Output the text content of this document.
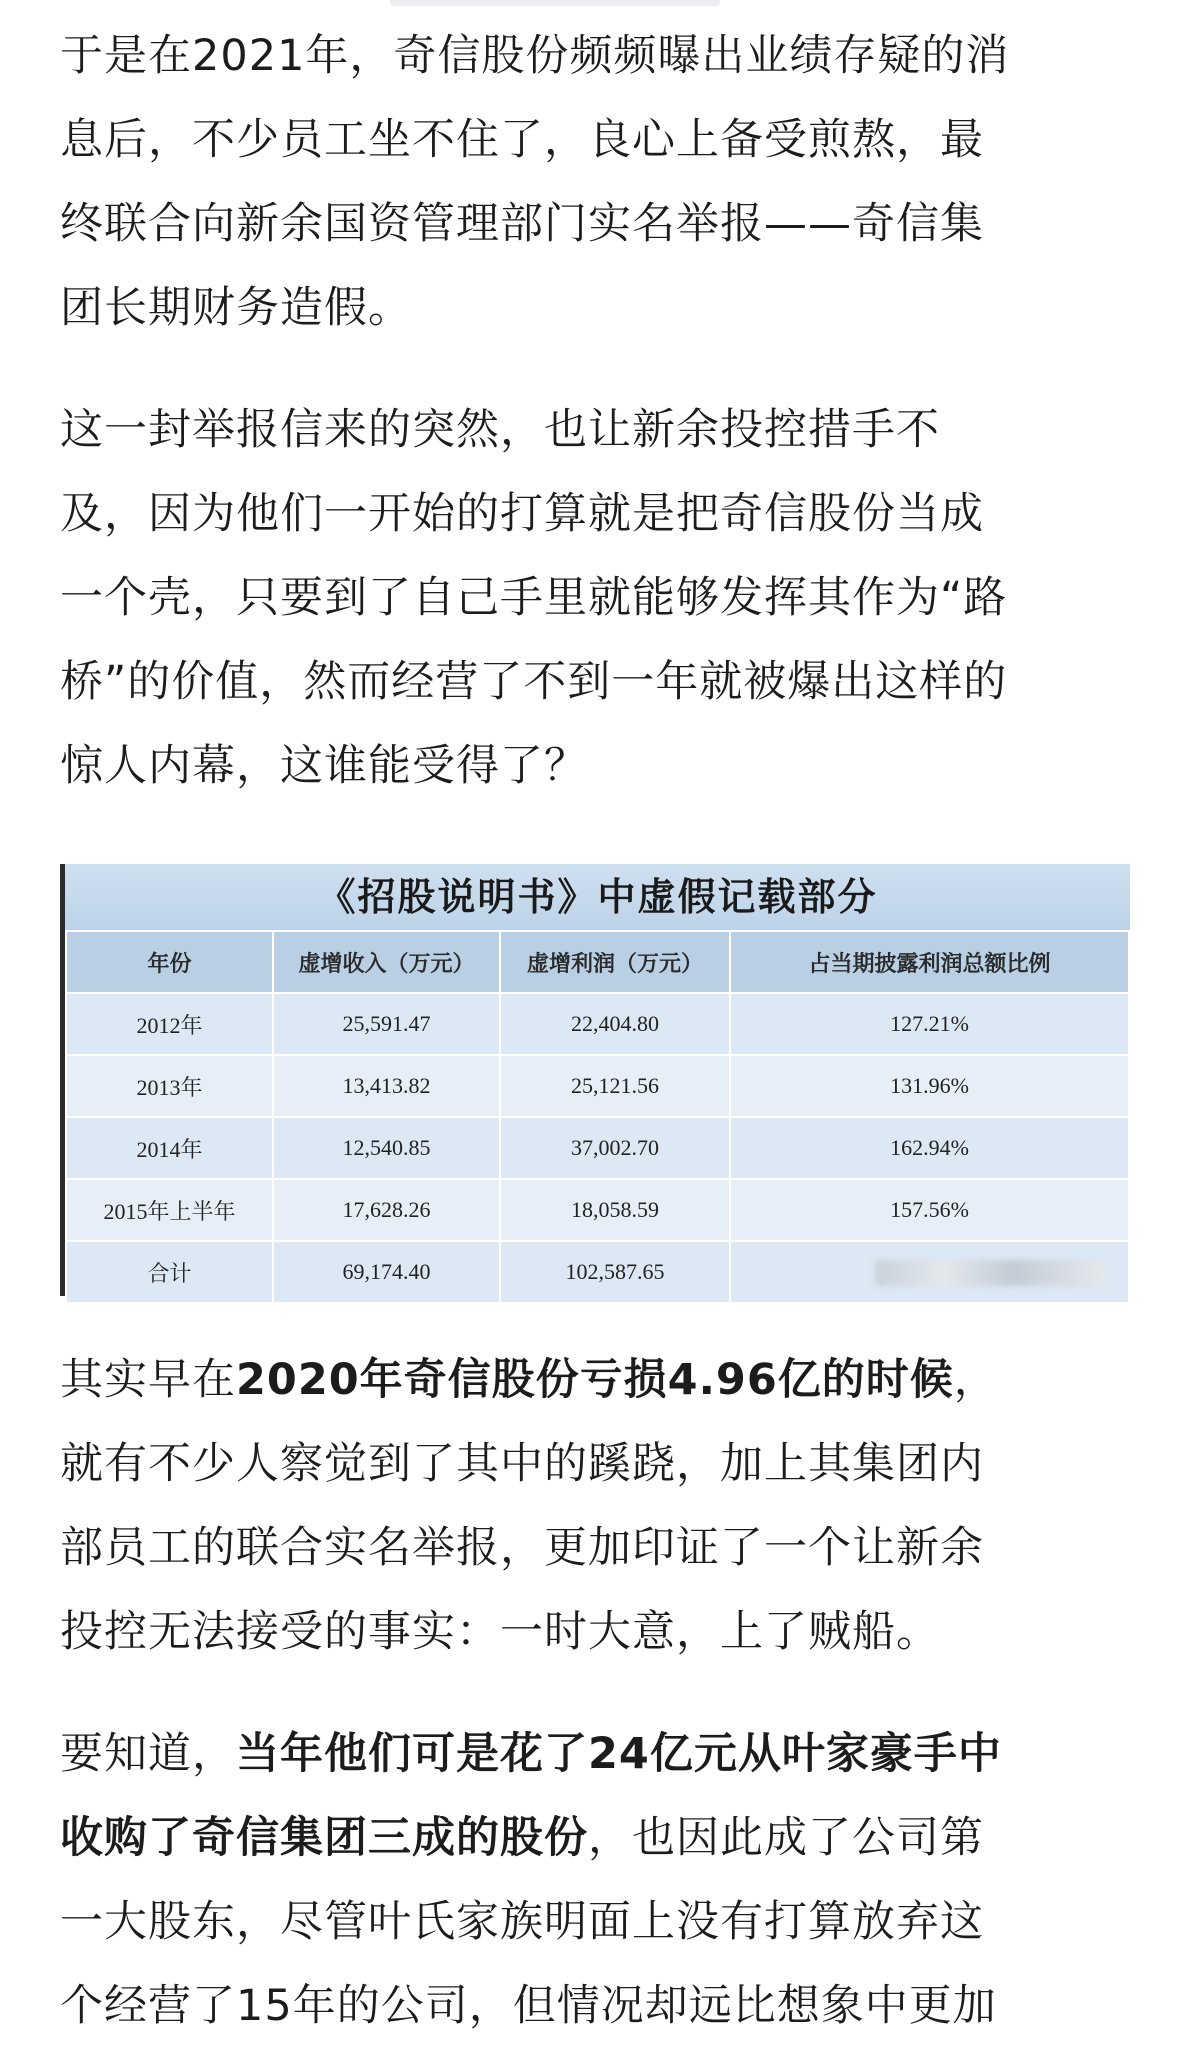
于是在2021年，奇信股份频频曝出业绩存疑的消
息后，不少员工坐不住了，良心上备受煎熬，最
终联合向新余国资管理部门实名举报——奇信集
团长期财务造假。

这一封举报信来的突然，也让新余投控措手不
及，因为他们一开始的打算就是把奇信股份当成
一个壳，只要到了自己手里就能够发挥其作为“路
桥”的价值，然而经营了不到一年就被爆出这样的
惊人内幕，这谁能受得了？

《招股说明书》中虚假记载部分
年份	虚增收入（万元）	虚增利润（万元）	占当期披露利润总额比例
2012年	25,591.47	22,404.80	127.21%
2013年	13,413.82	25,121.56	131.96%
2014年	12,540.85	37,002.70	162.94%
2015年上半年	17,628.26	18,058.59	157.56%
合计	69,174.40	102,587.65	

其实早在2020年奇信股份亏损4.96亿的时候，
就有不少人察觉到了其中的蹊跷，加上其集团内
部员工的联合实名举报，更加印证了一个让新余
投控无法接受的事实：一时大意，上了贼船。

要知道，当年他们可是花了24亿元从叶家豪手中
收购了奇信集团三成的股份，也因此成了公司第
一大股东，尽管叶氏家族明面上没有打算放弃这
个经营了15年的公司，但情况却远比想象中更加
